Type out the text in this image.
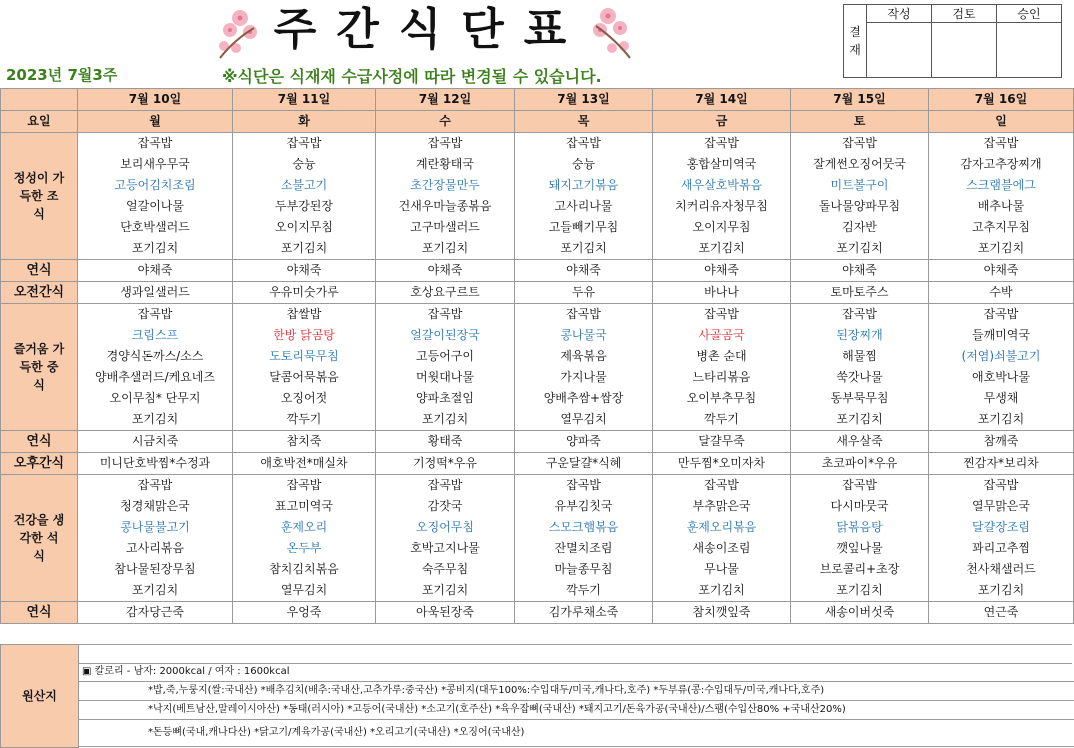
주간식단표
2023년 7월3주	※식단은 식재재 수급사정에 따라 변경될 수 있습니다.
결재	작성	검토	승인

	7월 10일	7월 11일	7월 12일	7월 13일	7월 14일	7월 15일	7월 16일
요일	월	화	수	목	금	토	일
정성이 가득한 조 식	잡곡밥	잡곡밥	잡곡밥	잡곡밥	잡곡밥	잡곡밥	잡곡밥
	보리새우무국	숭늉	계란황태국	숭늉	홍합살미역국	잘게썬오징어뭇국	감자고추장찌개
	고등어김치조림	소불고기	초간장물만두	돼지고기볶음	새우살호박볶음	미트볼구이	스크램블에그
	얼갈이나물	두부강된장	건새우마늘종볶음	고사리나물	치커리유자청무침	돌나물양파무침	배추나물
	단호박샐러드	오이지무침	고구마샐러드	고들빼기무침	오이지무침	김자반	고추지무침
	포기김치	포기김치	포기김치	포기김치	포기김치	포기김치	포기김치
연식	야채죽	야채죽	야채죽	야채죽	야채죽	야채죽	야채죽
오전간식	생과일샐러드	우유미숫가루	호상요구르트	두유	바나나	토마토주스	수박
즐거움 가득한 중 식	잡곡밥	찹쌀밥	잡곡밥	잡곡밥	잡곡밥	잡곡밥	잡곡밥
	크림스프	한방 닭곰탕	얼갈이된장국	콩나물국	사골곰국	된장찌개	들깨미역국
	경양식돈까스/소스	도토리묵무침	고등어구이	제육볶음	병촌 순대	해물찜	(저염)쇠불고기
	양배추샐러드/케요네즈	달콤어묵볶음	머윗대나물	가지나물	느타리볶음	쑥갓나물	애호박나물
	오이무침* 단무지	오징어젓	양파초절임	양배추쌈+쌈장	오이부추무침	동부묵무침	무생채
	포기김치	깍두기	포기김치	열무김치	깍두기	포기김치	포기김치
연식	시금치죽	참치죽	황태죽	양파죽	달걀무죽	새우살죽	참깨죽
오후간식	미니단호박찜*수정과	애호박전*매실차	기정떡*우유	구운달걀*식혜	만두찜*오미자차	초코파이*우유	찐감자*보리차
건강을 생각한 석 식	잡곡밥	잡곡밥	잡곡밥	잡곡밥	잡곡밥	잡곡밥	잡곡밥
	청경채맑은국	표고미역국	감잣국	유부김칫국	부추맑은국	다시마뭇국	열무맑은국
	콩나물불고기	훈제오리	오징어무침	스모크햄볶음	훈제오리볶음	닭볶음탕	달걀장조림
	고사리볶음	온두부	호박고지나물	잔멸치조림	새송이조림	깻잎나물	꽈리고추찜
	참나물된장무침	참치김치볶음	숙주무침	마늘종무침	무나물	브로콜리+초장	천사채샐러드
	포기김치	열무김치	포기김치	깍두기	포기김치	포기김치	포기김치
연식	감자당근죽	우엉죽	아욱된장죽	김가루채소죽	참치깻잎죽	새송이버섯죽	연근죽
원산지
▣ 칼로리 - 남자: 2000kcal / 여자 : 1600kcal
*밥,죽,누룽지(쌀:국내산) *배추김치(배추:국내산,고추가루:중국산) *콩비지(대두100%:수입대두/미국,캐나다,호주) *두부류(콩:수입대두/미국,캐나다,호주)
*낙지(베트남산,말레이시아산) *동태(러시아) *고등어(국내산) *소고기(호주산) *육우잡뼈(국내산) *돼지고기/돈육가공(국내산)/스팸(수입산80% +국내산20%)
*돈등뼈(국내,캐나다산) *닭고기/계육가공(국내산) *오리고기(국내산) *오징어(국내산)
